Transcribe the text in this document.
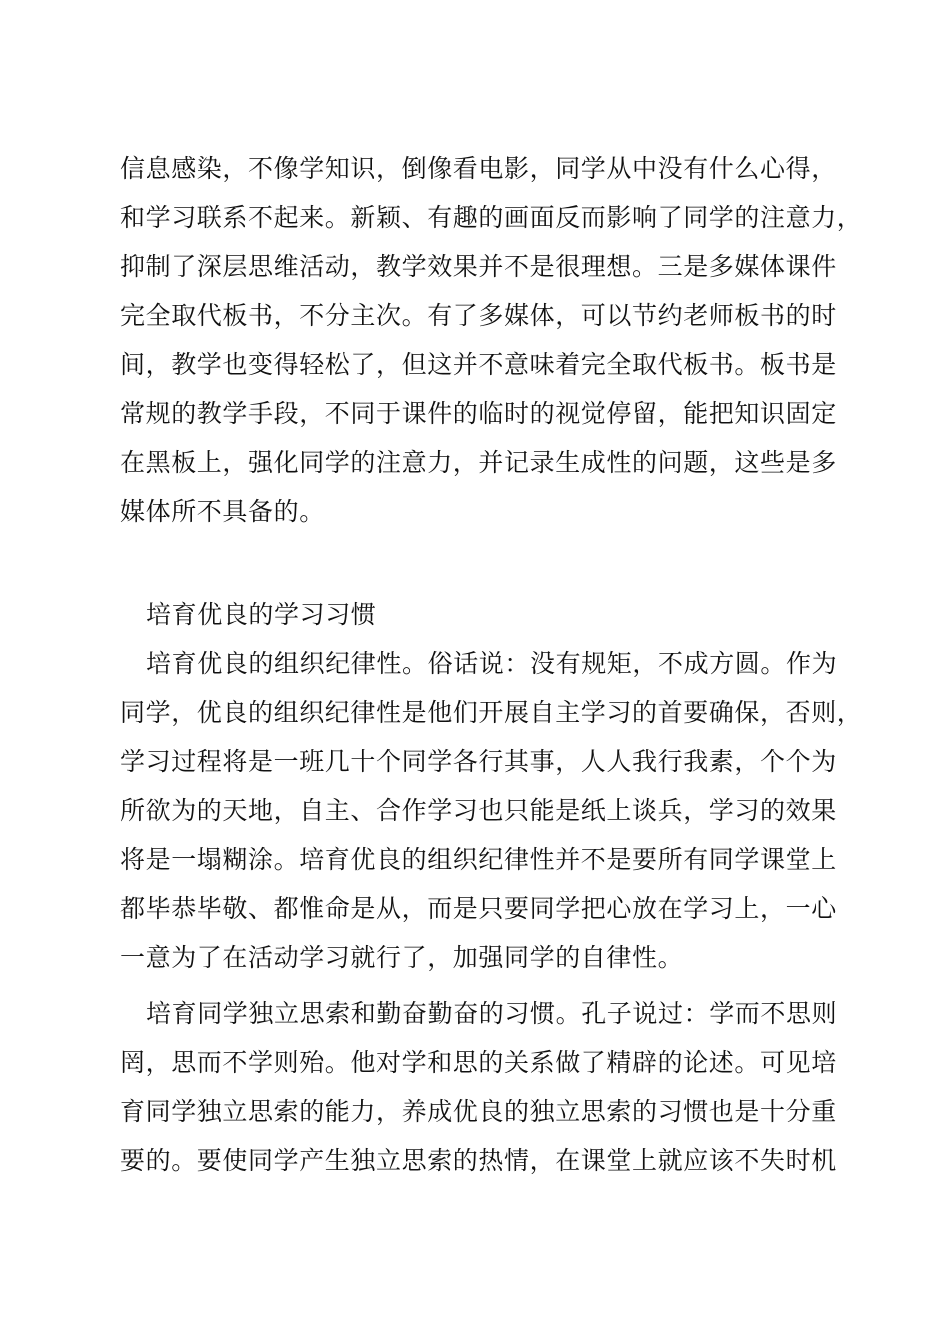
信息感染，不像学知识，倒像看电影，同学从中没有什么心得，
和学习联系不起来。新颖、有趣的画面反而影响了同学的注意力，
抑制了深层思维活动，教学效果并不是很理想。三是多媒体课件
完全取代板书，不分主次。有了多媒体，可以节约老师板书的时
间，教学也变得轻松了，但这并不意味着完全取代板书。板书是
常规的教学手段，不同于课件的临时的视觉停留，能把知识固定
在黑板上，强化同学的注意力，并记录生成性的问题，这些是多
媒体所不具备的。
培育优良的学习习惯
培育优良的组织纪律性。俗话说：没有规矩，不成方圆。作为
同学，优良的组织纪律性是他们开展自主学习的首要确保，否则，
学习过程将是一班几十个同学各行其事，人人我行我素，个个为
所欲为的天地，自主、合作学习也只能是纸上谈兵，学习的效果
将是一塌糊涂。培育优良的组织纪律性并不是要所有同学课堂上
都毕恭毕敬、都惟命是从，而是只要同学把心放在学习上，一心
一意为了在活动学习就行了，加强同学的自律性。
培育同学独立思索和勤奋勤奋的习惯。孔子说过：学而不思则
罔，思而不学则殆。他对学和思的关系做了精辟的论述。可见培
育同学独立思索的能力，养成优良的独立思索的习惯也是十分重
要的。要使同学产生独立思索的热情，在课堂上就应该不失时机
